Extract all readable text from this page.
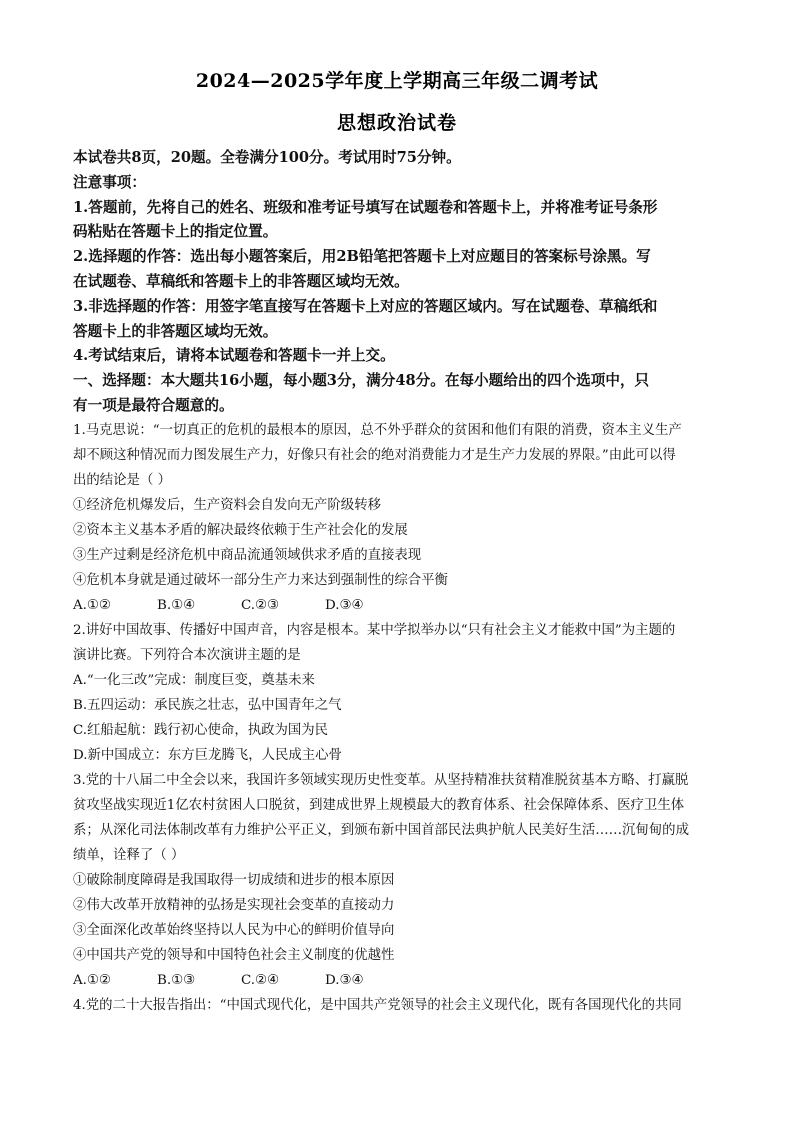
2024—2025学年度上学期高三年级二调考试
思想政治试卷

本试卷共8页，20题。全卷满分100分。考试用时75分钟。

注意事项：

1.答题前，先将自己的姓名、班级和准考证号填写在试题卷和答题卡上，并将准考证号条形

码粘贴在答题卡上的指定位置。

2.选择题的作答：选出每小题答案后，用2B铅笔把答题卡上对应题目的答案标号涂黑。写

在试题卷、草稿纸和答题卡上的非答题区域均无效。

3.非选择题的作答：用签字笔直接写在答题卡上对应的答题区域内。写在试题卷、草稿纸和

答题卡上的非答题区域均无效。

4.考试结束后，请将本试题卷和答题卡一并上交。

一、选择题：本大题共16小题，每小题3分，满分48分。在每小题给出的四个选项中，只

有一项是最符合题意的。

1.马克思说：“一切真正的危机的最根本的原因，总不外乎群众的贫困和他们有限的消费，资本主义生产

却不顾这种情况而力图发展生产力，好像只有社会的绝对消费能力才是生产力发展的界限。”由此可以得

出的结论是（ ）

①经济危机爆发后，生产资料会自发向无产阶级转移

②资本主义基本矛盾的解决最终依赖于生产社会化的发展

③生产过剩是经济危机中商品流通领域供求矛盾的直接表现

④危机本身就是通过破坏一部分生产力来达到强制性的综合平衡

A.①②	B.①④	C.②③	D.③④

2.讲好中国故事、传播好中国声音，内容是根本。某中学拟举办以“只有社会主义才能救中国”为主题的

演讲比赛。下列符合本次演讲主题的是

A.“一化三改”完成：制度巨变，奠基未来

B.五四运动：承民族之壮志，弘中国青年之气

C.红船起航：践行初心使命，执政为国为民

D.新中国成立：东方巨龙腾飞，人民成主心骨

3.党的十八届二中全会以来，我国许多领域实现历史性变革。从坚持精准扶贫精准脱贫基本方略、打赢脱

贫攻坚战实现近1亿农村贫困人口脱贫，到建成世界上规模最大的教育体系、社会保障体系、医疗卫生体

系；从深化司法体制改革有力维护公平正义，到颁布新中国首部民法典护航人民美好生活……沉甸甸的成

绩单，诠释了（ ）

①破除制度障碍是我国取得一切成绩和进步的根本原因

②伟大改革开放精神的弘扬是实现社会变革的直接动力

③全面深化改革始终坚持以人民为中心的鲜明价值导向

④中国共产党的领导和中国特色社会主义制度的优越性

A.①②	B.①③	C.②④	D.③④

4.党的二十大报告指出：“中国式现代化，是中国共产党领导的社会主义现代化，既有各国现代化的共同
